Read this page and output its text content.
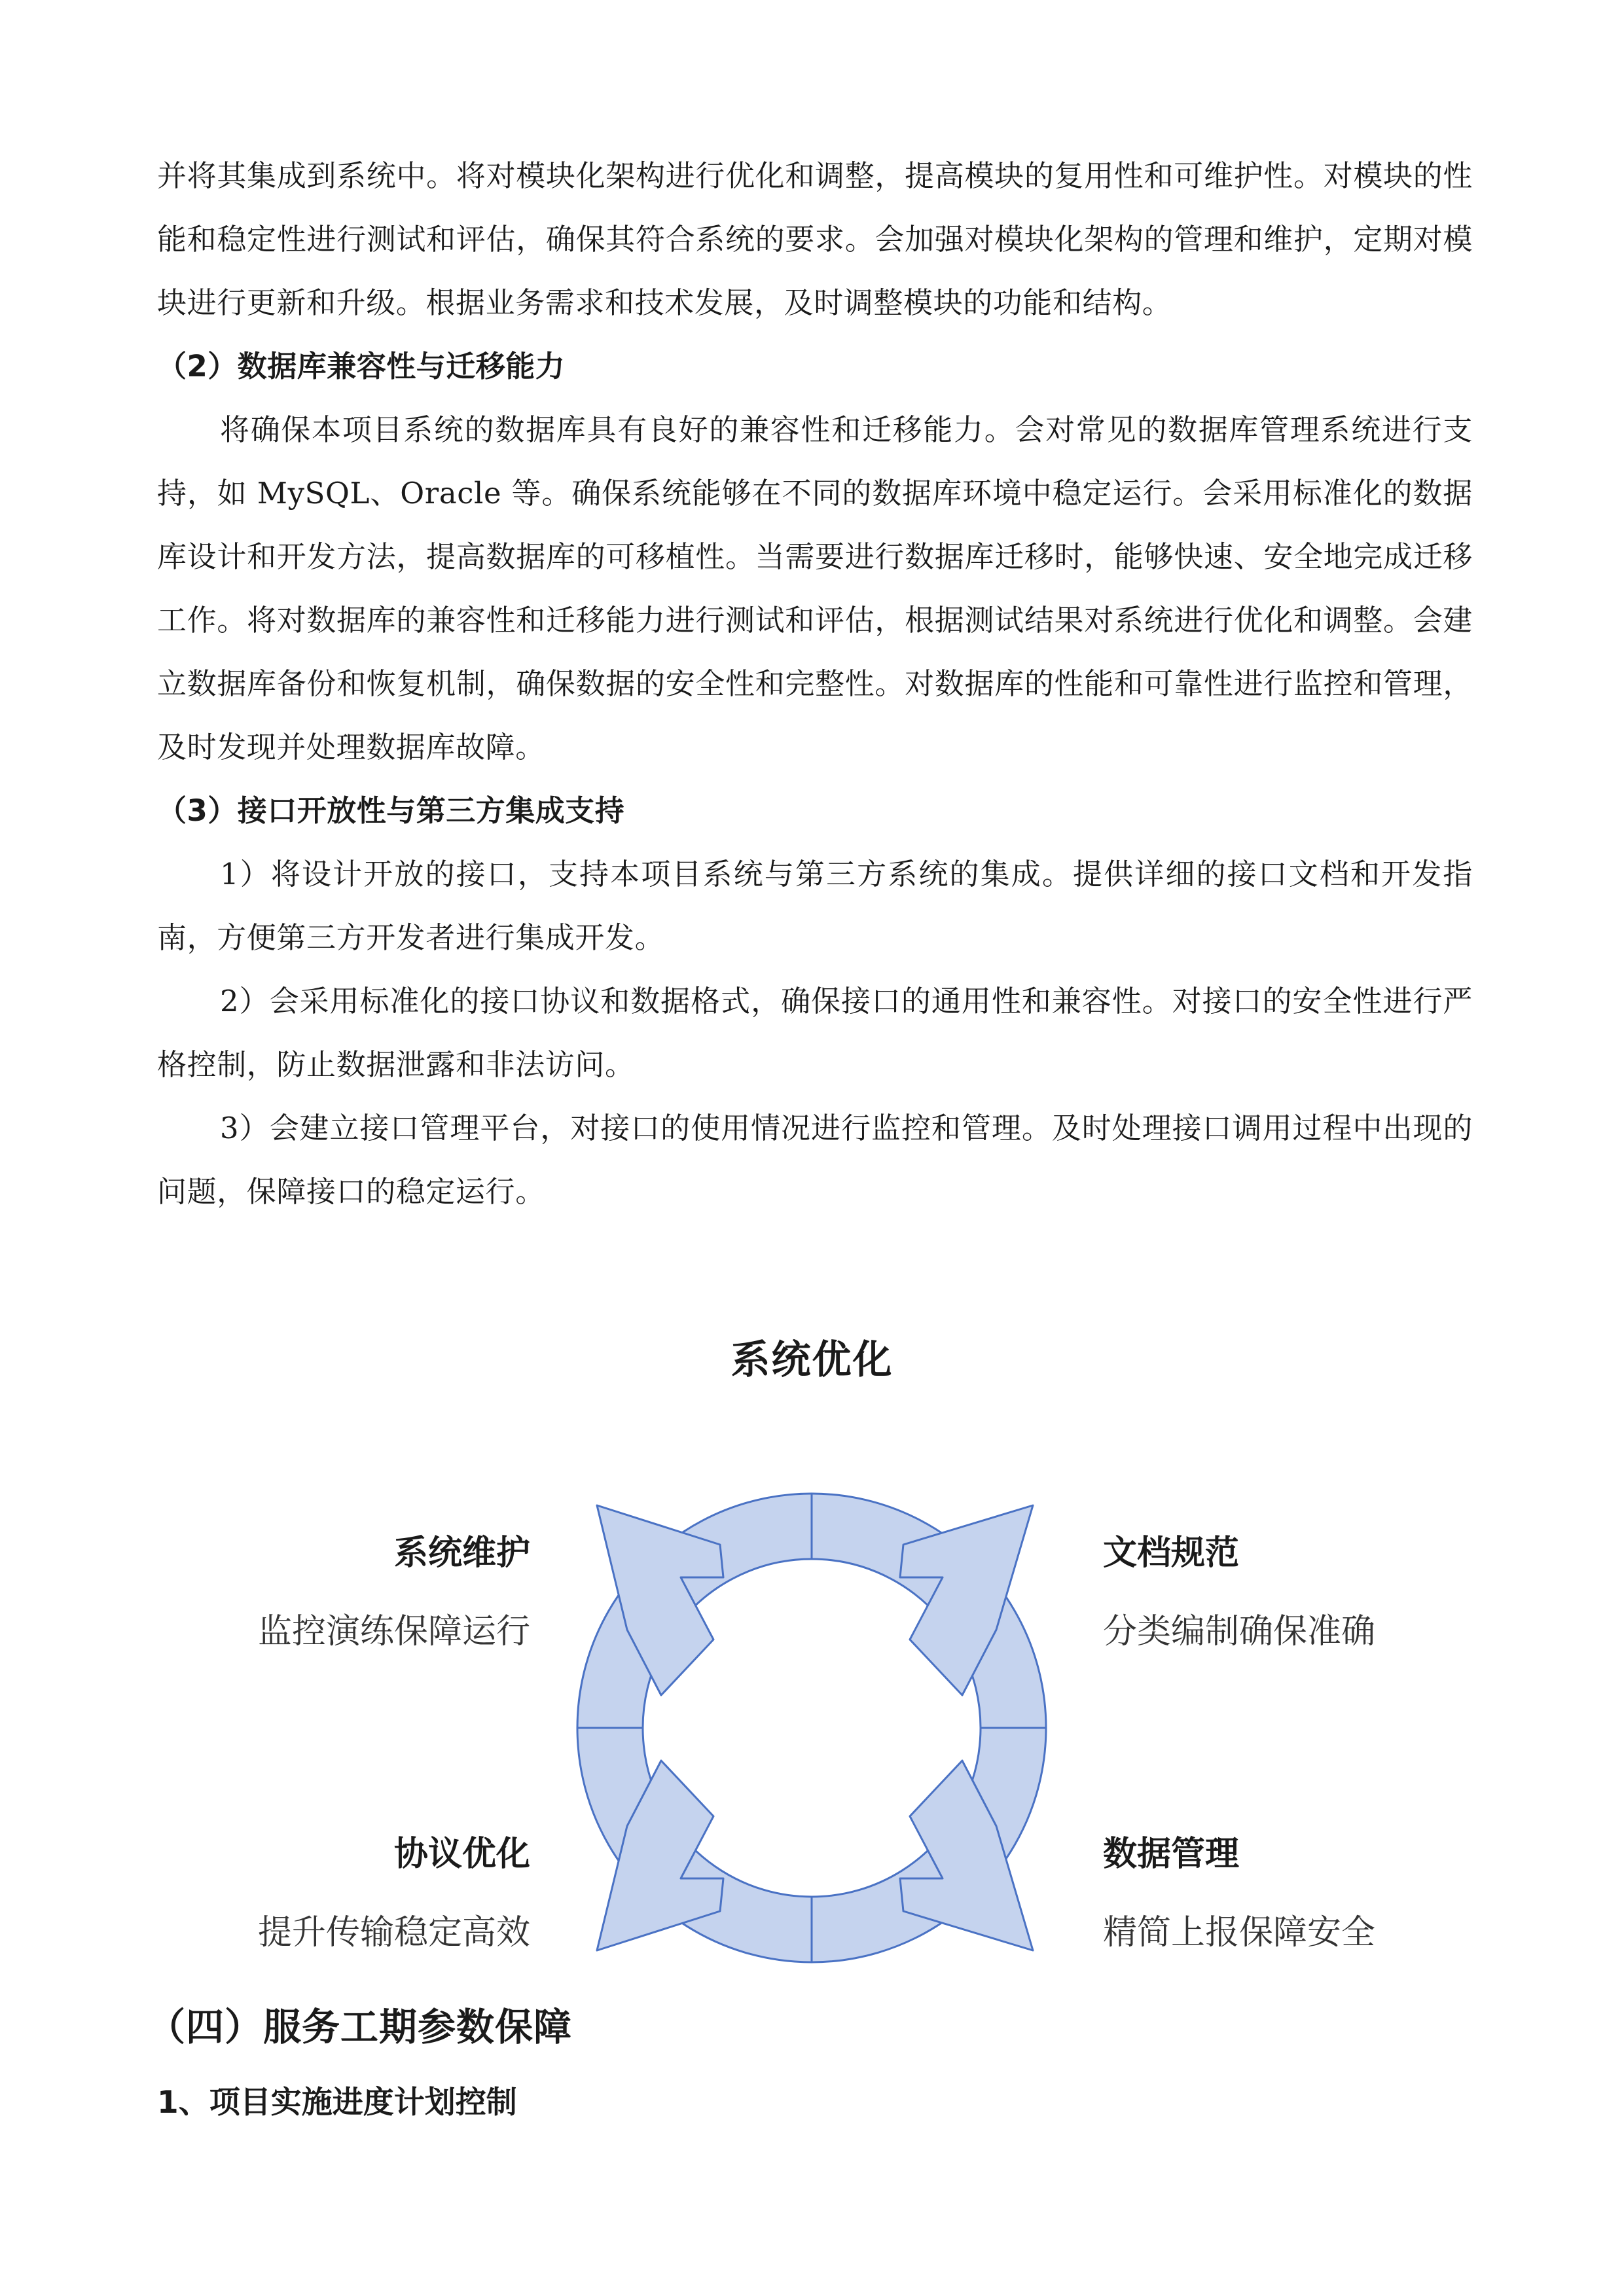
并将其集成到系统中。将对模块化架构进行优化和调整，提高模块的复用性和可维护性。对模块的性能和稳定性进行测试和评估，确保其符合系统的要求。会加强对模块化架构的管理和维护，定期对模块进行更新和升级。根据业务需求和技术发展，及时调整模块的功能和结构。

（2）数据库兼容性与迁移能力

将确保本项目系统的数据库具有良好的兼容性和迁移能力。会对常见的数据库管理系统进行支持，如 MySQL、Oracle 等。确保系统能够在不同的数据库环境中稳定运行。会采用标准化的数据库设计和开发方法，提高数据库的可移植性。当需要进行数据库迁移时，能够快速、安全地完成迁移工作。将对数据库的兼容性和迁移能力进行测试和评估，根据测试结果对系统进行优化和调整。会建立数据库备份和恢复机制，确保数据的安全性和完整性。对数据库的性能和可靠性进行监控和管理，及时发现并处理数据库故障。

（3）接口开放性与第三方集成支持

1）将设计开放的接口，支持本项目系统与第三方系统的集成。提供详细的接口文档和开发指南，方便第三方开发者进行集成开发。

2）会采用标准化的接口协议和数据格式，确保接口的通用性和兼容性。对接口的安全性进行严格控制，防止数据泄露和非法访问。

3）会建立接口管理平台，对接口的使用情况进行监控和管理。及时处理接口调用过程中出现的问题，保障接口的稳定运行。

系统优化
系统维护
监控演练保障运行
文档规范
分类编制确保准确
协议优化
提升传输稳定高效
数据管理
精简上报保障安全
（四）服务工期参数保障
1、项目实施进度计划控制
